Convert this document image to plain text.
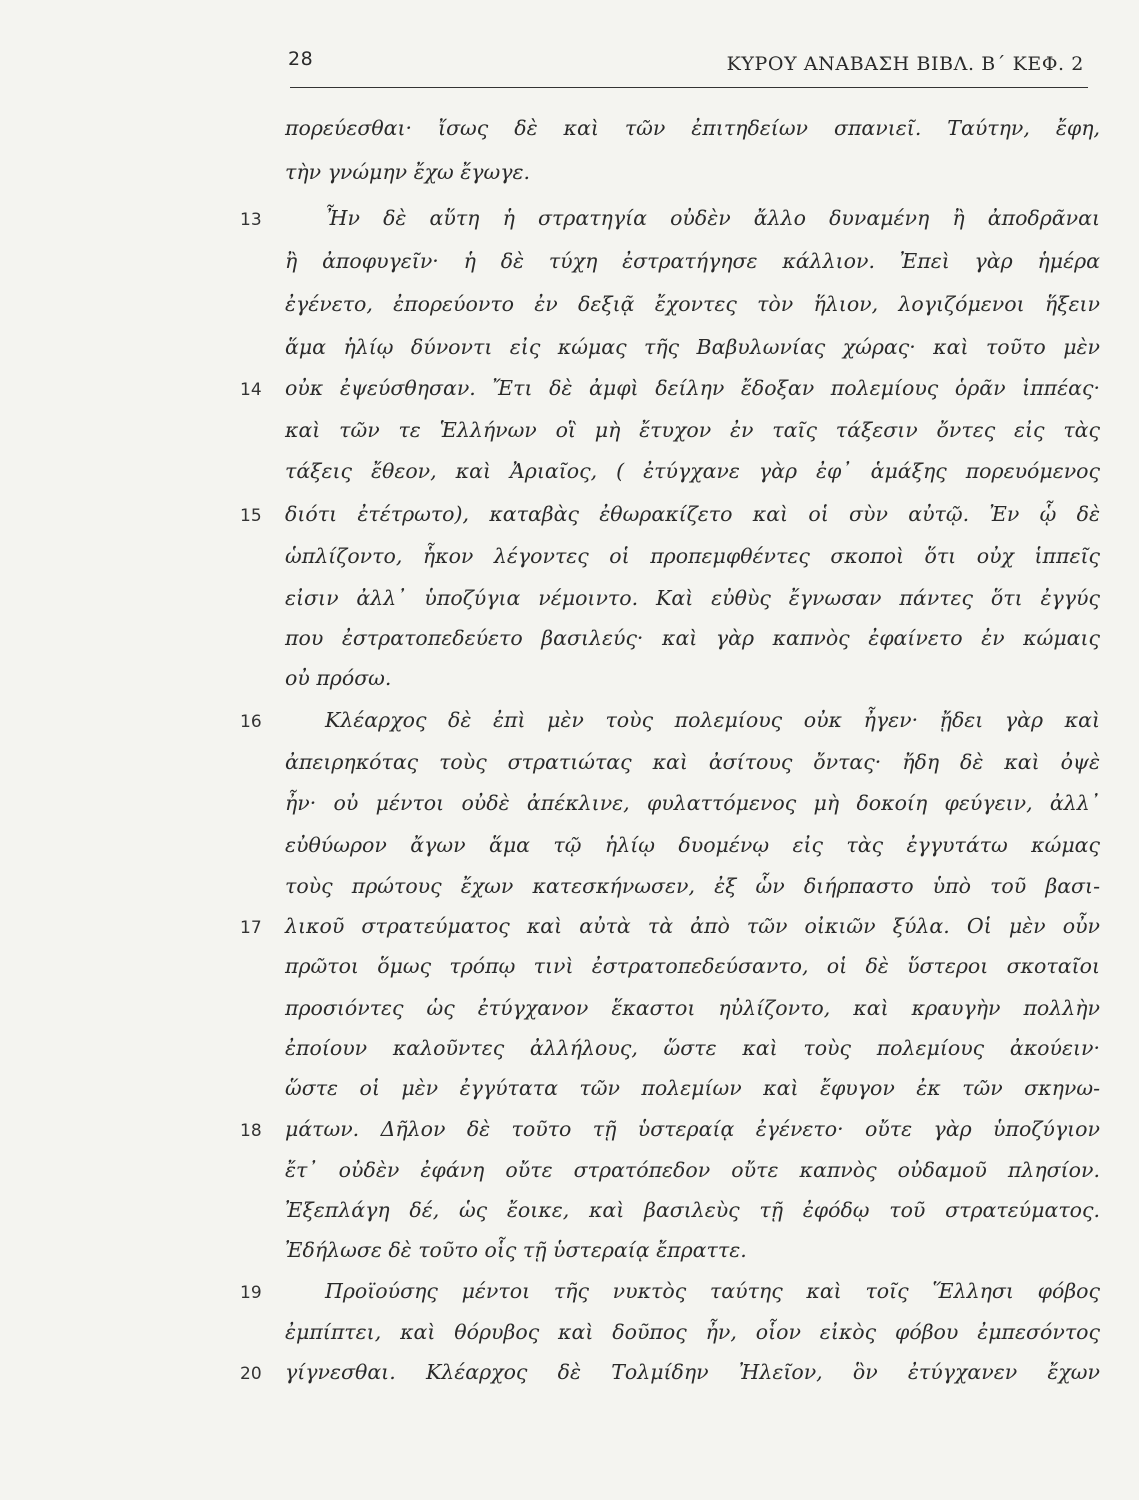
28	ΚΥΡΟΥ ΑΝΑΒΑΣΗ ΒΙΒΛ. Β΄ ΚΕΦ. 2
πορεύεσθαι· ἴσως δὲ καὶ τῶν ἐπιτηδείων σπανιεῖ. Ταύτην, ἔφη,
τὴν γνώμην ἔχω ἔγωγε.
13	Ἦν δὲ αὕτη ἡ στρατηγία οὐδὲν ἄλλο δυναμένη ἢ ἀποδρᾶναι
ἢ ἀποφυγεῖν· ἡ δὲ τύχη ἐστρατήγησε κάλλιον. Ἐπεὶ γὰρ ἡμέρα
ἐγένετο, ἐπορεύοντο ἐν δεξιᾷ ἔχοντες τὸν ἥλιον, λογιζόμενοι ἥξειν
ἅμα ἡλίῳ δύνοντι εἰς κώμας τῆς Βαβυλωνίας χώρας· καὶ τοῦτο μὲν
14 οὐκ ἐψεύσθησαν. Ἔτι δὲ ἀμφὶ δείλην ἔδοξαν πολεμίους ὁρᾶν ἱππέας·
καὶ τῶν τε Ἑλλήνων οἳ μὴ ἔτυχον ἐν ταῖς τάξεσιν ὄντες εἰς τὰς
τάξεις ἔθεον, καὶ Ἀριαῖος, ( ἐτύγχανε γὰρ ἐφ᾽ ἁμάξης πορευόμενος
15 διότι ἐτέτρωτο), καταβὰς ἐθωρακίζετο καὶ οἱ σὺν αὐτῷ. Ἐν ᾧ δὲ
ὡπλίζοντο, ἧκον λέγοντες οἱ προπεμφθέντες σκοποὶ ὅτι οὐχ ἱππεῖς
εἰσιν ἀλλ᾽ ὑποζύγια νέμοιντο. Καὶ εὐθὺς ἔγνωσαν πάντες ὅτι ἐγγύς
που ἐστρατοπεδεύετο βασιλεύς· καὶ γὰρ καπνὸς ἐφαίνετο ἐν κώμαις
οὐ πρόσω.
16	Κλέαρχος δὲ ἐπὶ μὲν τοὺς πολεμίους οὐκ ἦγεν· ᾔδει γὰρ καὶ
ἀπειρηκότας τοὺς στρατιώτας καὶ ἀσίτους ὄντας· ἤδη δὲ καὶ ὀψὲ
ἦν· οὐ μέντοι οὐδὲ ἀπέκλινε, φυλαττόμενος μὴ δοκοίη φεύγειν, ἀλλ᾽
εὐθύωρον ἄγων ἅμα τῷ ἡλίῳ δυομένῳ εἰς τὰς ἐγγυτάτω κώμας
τοὺς πρώτους ἔχων κατεσκήνωσεν, ἐξ ὧν διήρπαστο ὑπὸ τοῦ βασι-
17 λικοῦ στρατεύματος καὶ αὐτὰ τὰ ἀπὸ τῶν οἰκιῶν ξύλα. Οἱ μὲν οὖν
πρῶτοι ὅμως τρόπῳ τινὶ ἐστρατοπεδεύσαντο, οἱ δὲ ὕστεροι σκοταῖοι
προσιόντες ὡς ἐτύγχανον ἕκαστοι ηὐλίζοντο, καὶ κραυγὴν πολλὴν
ἐποίουν καλοῦντες ἀλλήλους, ὥστε καὶ τοὺς πολεμίους ἀκούειν·
ὥστε οἱ μὲν ἐγγύτατα τῶν πολεμίων καὶ ἔφυγον ἐκ τῶν σκηνω-
18 μάτων. Δῆλον δὲ τοῦτο τῇ ὑστεραίᾳ ἐγένετο· οὔτε γὰρ ὑποζύγιον
ἔτ᾽ οὐδὲν ἐφάνη οὔτε στρατόπεδον οὔτε καπνὸς οὐδαμοῦ πλησίον.
Ἐξεπλάγη δέ, ὡς ἔοικε, καὶ βασιλεὺς τῇ ἐφόδῳ τοῦ στρατεύματος.
Ἐδήλωσε δὲ τοῦτο οἷς τῇ ὑστεραίᾳ ἔπραττε.
19	Προϊούσης μέντοι τῆς νυκτὸς ταύτης καὶ τοῖς Ἕλλησι φόβος
ἐμπίπτει, καὶ θόρυβος καὶ δοῦπος ἦν, οἷον εἰκὸς φόβου ἐμπεσόντος
20 γίγνεσθαι. Κλέαρχος δὲ Τολμίδην Ἠλεῖον, ὃν ἐτύγχανεν ἔχων
